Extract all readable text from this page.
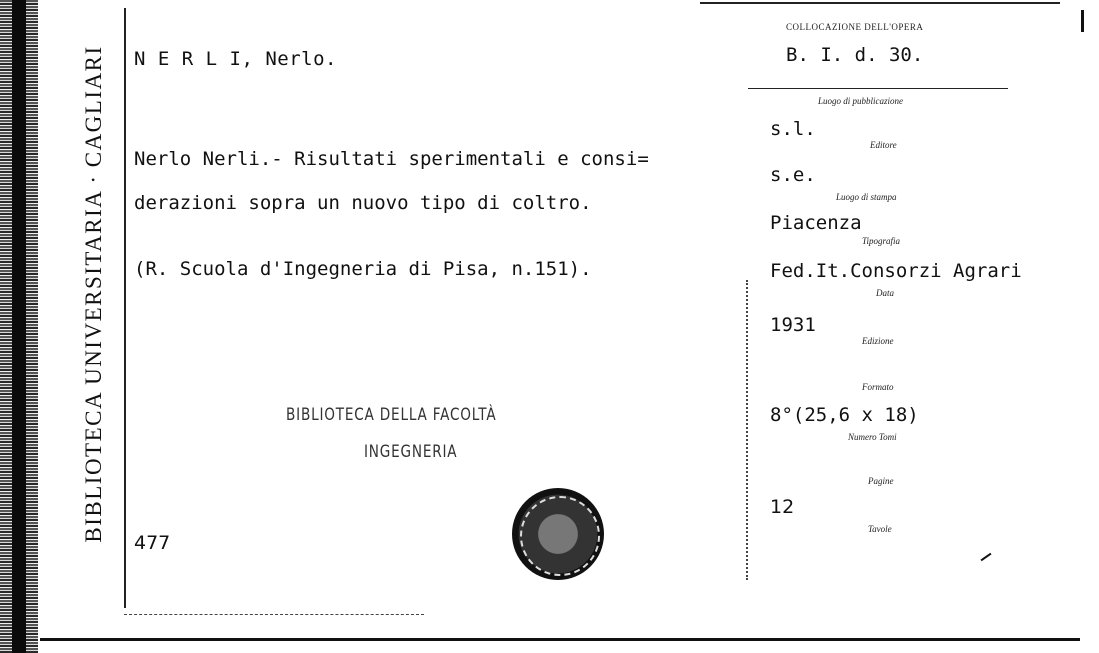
BIBLIOTECA UNIVERSITARIA · CAGLIARI N E R L I, Nerlo.
Nerlo Nerli.- Risultati sperimentali e consi=
derazioni sopra un nuovo tipo di coltro.
(R. Scuola d'Ingegneria di Pisa, n.151).
477
BIBLIOTECA DELLA FACOLTÀ
INGEGNERIA
COLLOCAZIONE DELL'OPERA
B. I. d. 30.
Luogo di pubblicazione
s.l.
Editore
s.e.
Luogo di stampa
Piacenza
Tipografia
Fed.It.Consorzi Agrari
Data
1931
Edizione
Formato
8°(25,6 x 18)
Numero Tomi
Pagine
12
Tavole
